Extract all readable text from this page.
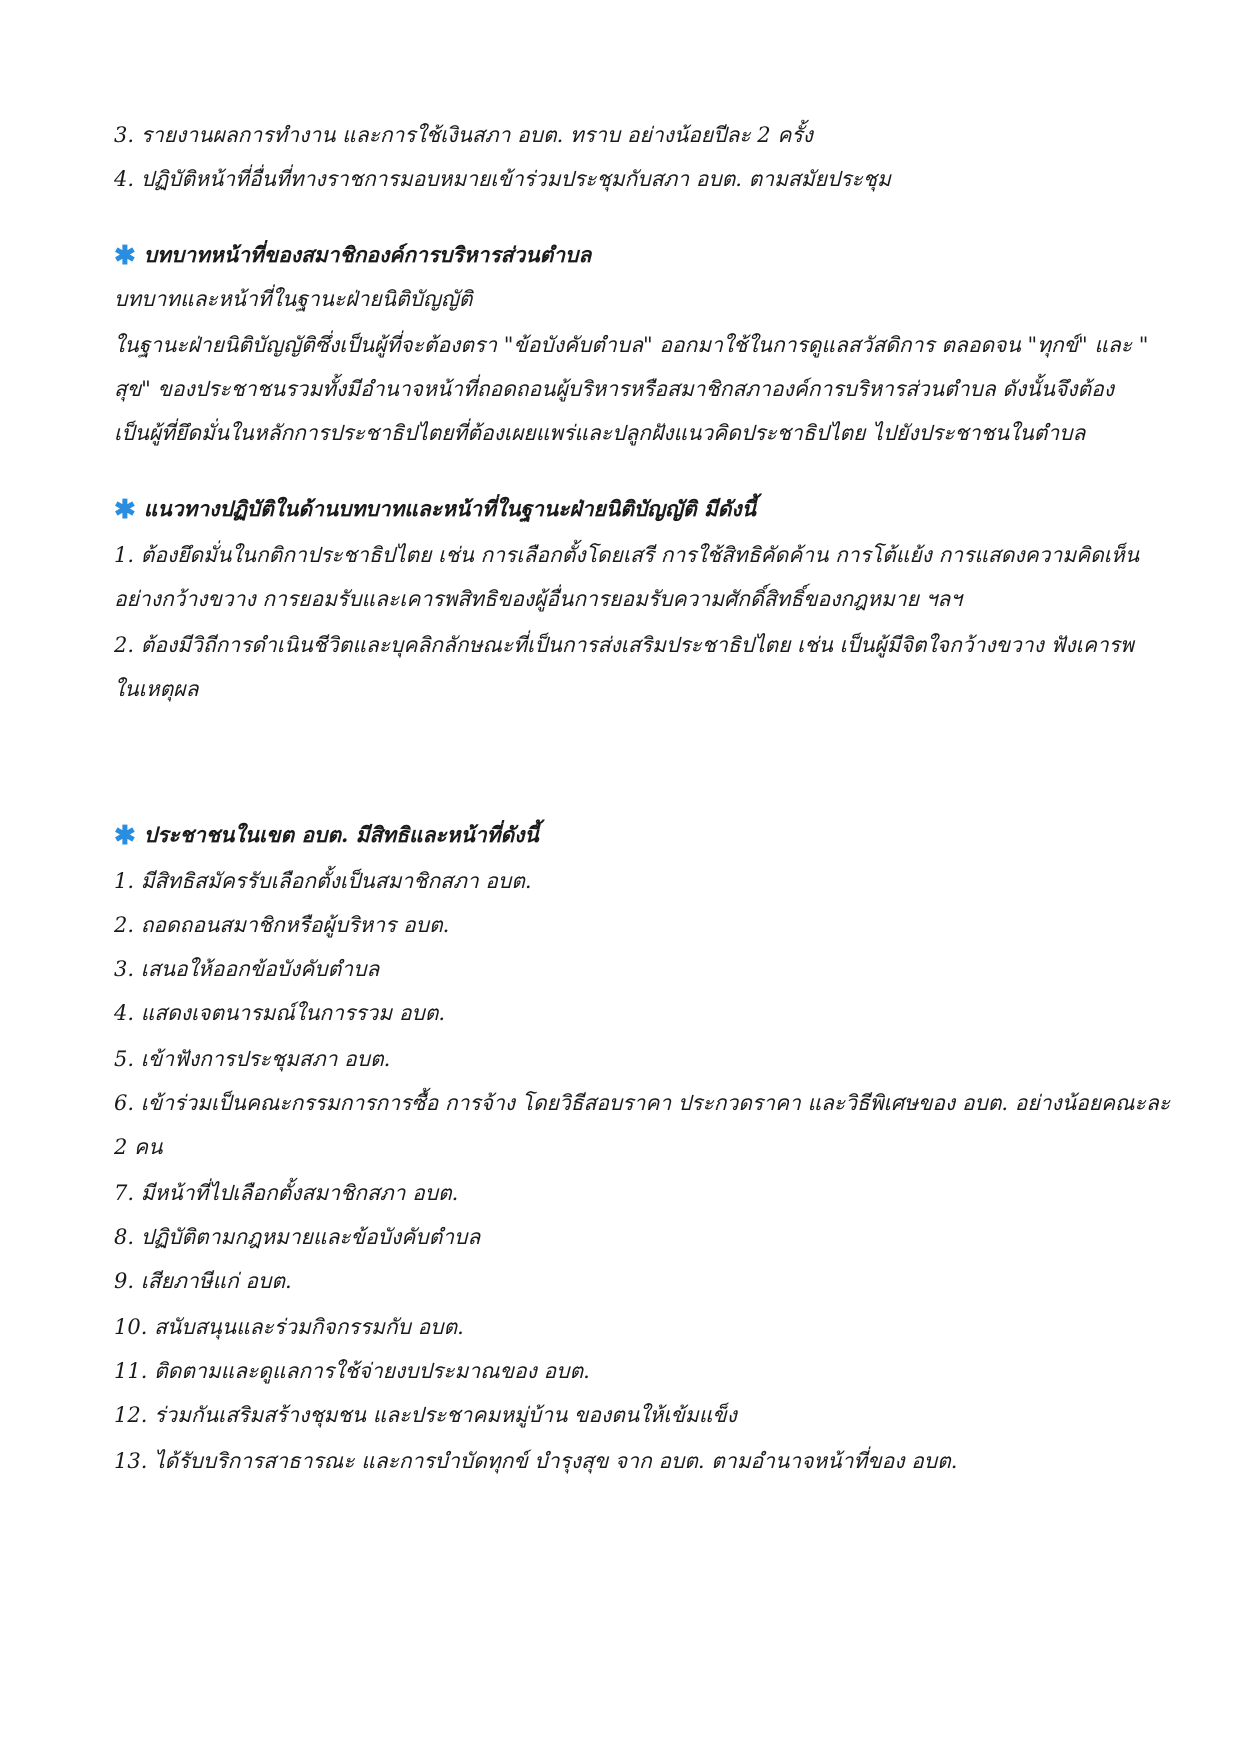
3. รายงานผลการทำงาน และการใช้เงินสภา อบต. ทราบ อย่างน้อยปีละ 2 ครั้ง
4. ปฏิบัติหน้าที่อื่นที่ทางราชการมอบหมายเข้าร่วมประชุมกับสภา อบต. ตามสมัยประชุม
✱ บทบาทหน้าที่ของสมาชิกองค์การบริหารส่วนตำบล
บทบาทและหน้าที่ในฐานะฝ่ายนิติบัญญัติ
ในฐานะฝ่ายนิติบัญญัติซึ่งเป็นผู้ที่จะต้องตรา "ข้อบังคับตำบล" ออกมาใช้ในการดูแลสวัสดิการ ตลอดจน "ทุกข์" และ "
สุข" ของประชาชนรวมทั้งมีอำนาจหน้าที่ถอดถอนผู้บริหารหรือสมาชิกสภาองค์การบริหารส่วนตำบล ดังนั้นจึงต้อง
เป็นผู้ที่ยึดมั่นในหลักการประชาธิปไตยที่ต้องเผยแพร่และปลูกฝังแนวคิดประชาธิปไตย ไปยังประชาชนในตำบล
✱ แนวทางปฏิบัติในด้านบทบาทและหน้าที่ในฐานะฝ่ายนิติบัญญัติ มีดังนี้
1. ต้องยึดมั่นในกติกาประชาธิปไตย เช่น การเลือกตั้งโดยเสรี การใช้สิทธิคัดค้าน การโต้แย้ง การแสดงความคิดเห็น
อย่างกว้างขวาง การยอมรับและเคารพสิทธิของผู้อื่นการยอมรับความศักดิ์สิทธิ์ของกฎหมาย ฯลฯ
2. ต้องมีวิถีการดำเนินชีวิตและบุคลิกลักษณะที่เป็นการส่งเสริมประชาธิปไตย เช่น เป็นผู้มีจิตใจกว้างขวาง ฟังเคารพ
ในเหตุผล
✱ ประชาชนในเขต อบต. มีสิทธิและหน้าที่ดังนี้
1. มีสิทธิสมัครรับเลือกตั้งเป็นสมาชิกสภา อบต.
2. ถอดถอนสมาชิกหรือผู้บริหาร อบต.
3. เสนอให้ออกข้อบังคับตำบล
4. แสดงเจตนารมณ์ในการรวม อบต.
5. เข้าฟังการประชุมสภา อบต.
6. เข้าร่วมเป็นคณะกรรมการการซื้อ การจ้าง โดยวิธีสอบราคา ประกวดราคา และวิธีพิเศษของ อบต. อย่างน้อยคณะละ
2 คน
7. มีหน้าที่ไปเลือกตั้งสมาชิกสภา อบต.
8. ปฏิบัติตามกฎหมายและข้อบังคับตำบล
9. เสียภาษีแก่ อบต.
10. สนับสนุนและร่วมกิจกรรมกับ อบต.
11. ติดตามและดูแลการใช้จ่ายงบประมาณของ อบต.
12. ร่วมกันเสริมสร้างชุมชน และประชาคมหมู่บ้าน ของตนให้เข้มแข็ง
13. ได้รับบริการสาธารณะ และการบำบัดทุกข์ บำรุงสุข จาก อบต. ตามอำนาจหน้าที่ของ อบต.
